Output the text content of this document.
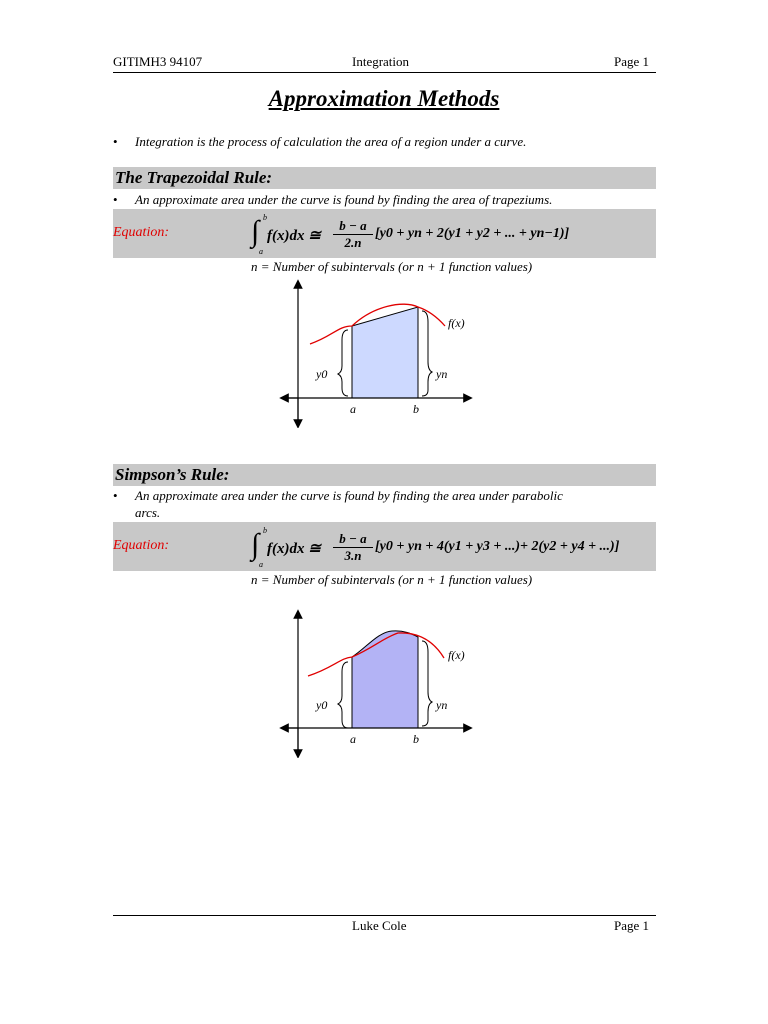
GITIMH3 94107	Integration	Page 1
Approximation Methods
• Integration is the process of calculation the area of a region under a curve.
The Trapezoidal Rule:
• An approximate area under the curve is found by finding the area of trapeziums.
Equation:	∫ b
a
f(x)dx ≅ $\frac{b - a}{2.n} [y0$ + yn + 2(y1 + y2 + ... + yn−1)]
n = Number of subintervals (or n + 1 function values)
f(x)
y0	yn
a	b
Simpson’s Rule:
• An approximate area under the curve is found by finding the area under parabolic
arcs.
Equation:	∫ b
a
f(x)dx ≅ $\frac{b - a}{3.n} [y0$ + yn + 4(y1 + y3 + ...)+ 2(y2 + y4 + ...)]
n = Number of subintervals (or n + 1 function values)
f(x)
y0	yn
a	b
Luke Cole	Page 1
